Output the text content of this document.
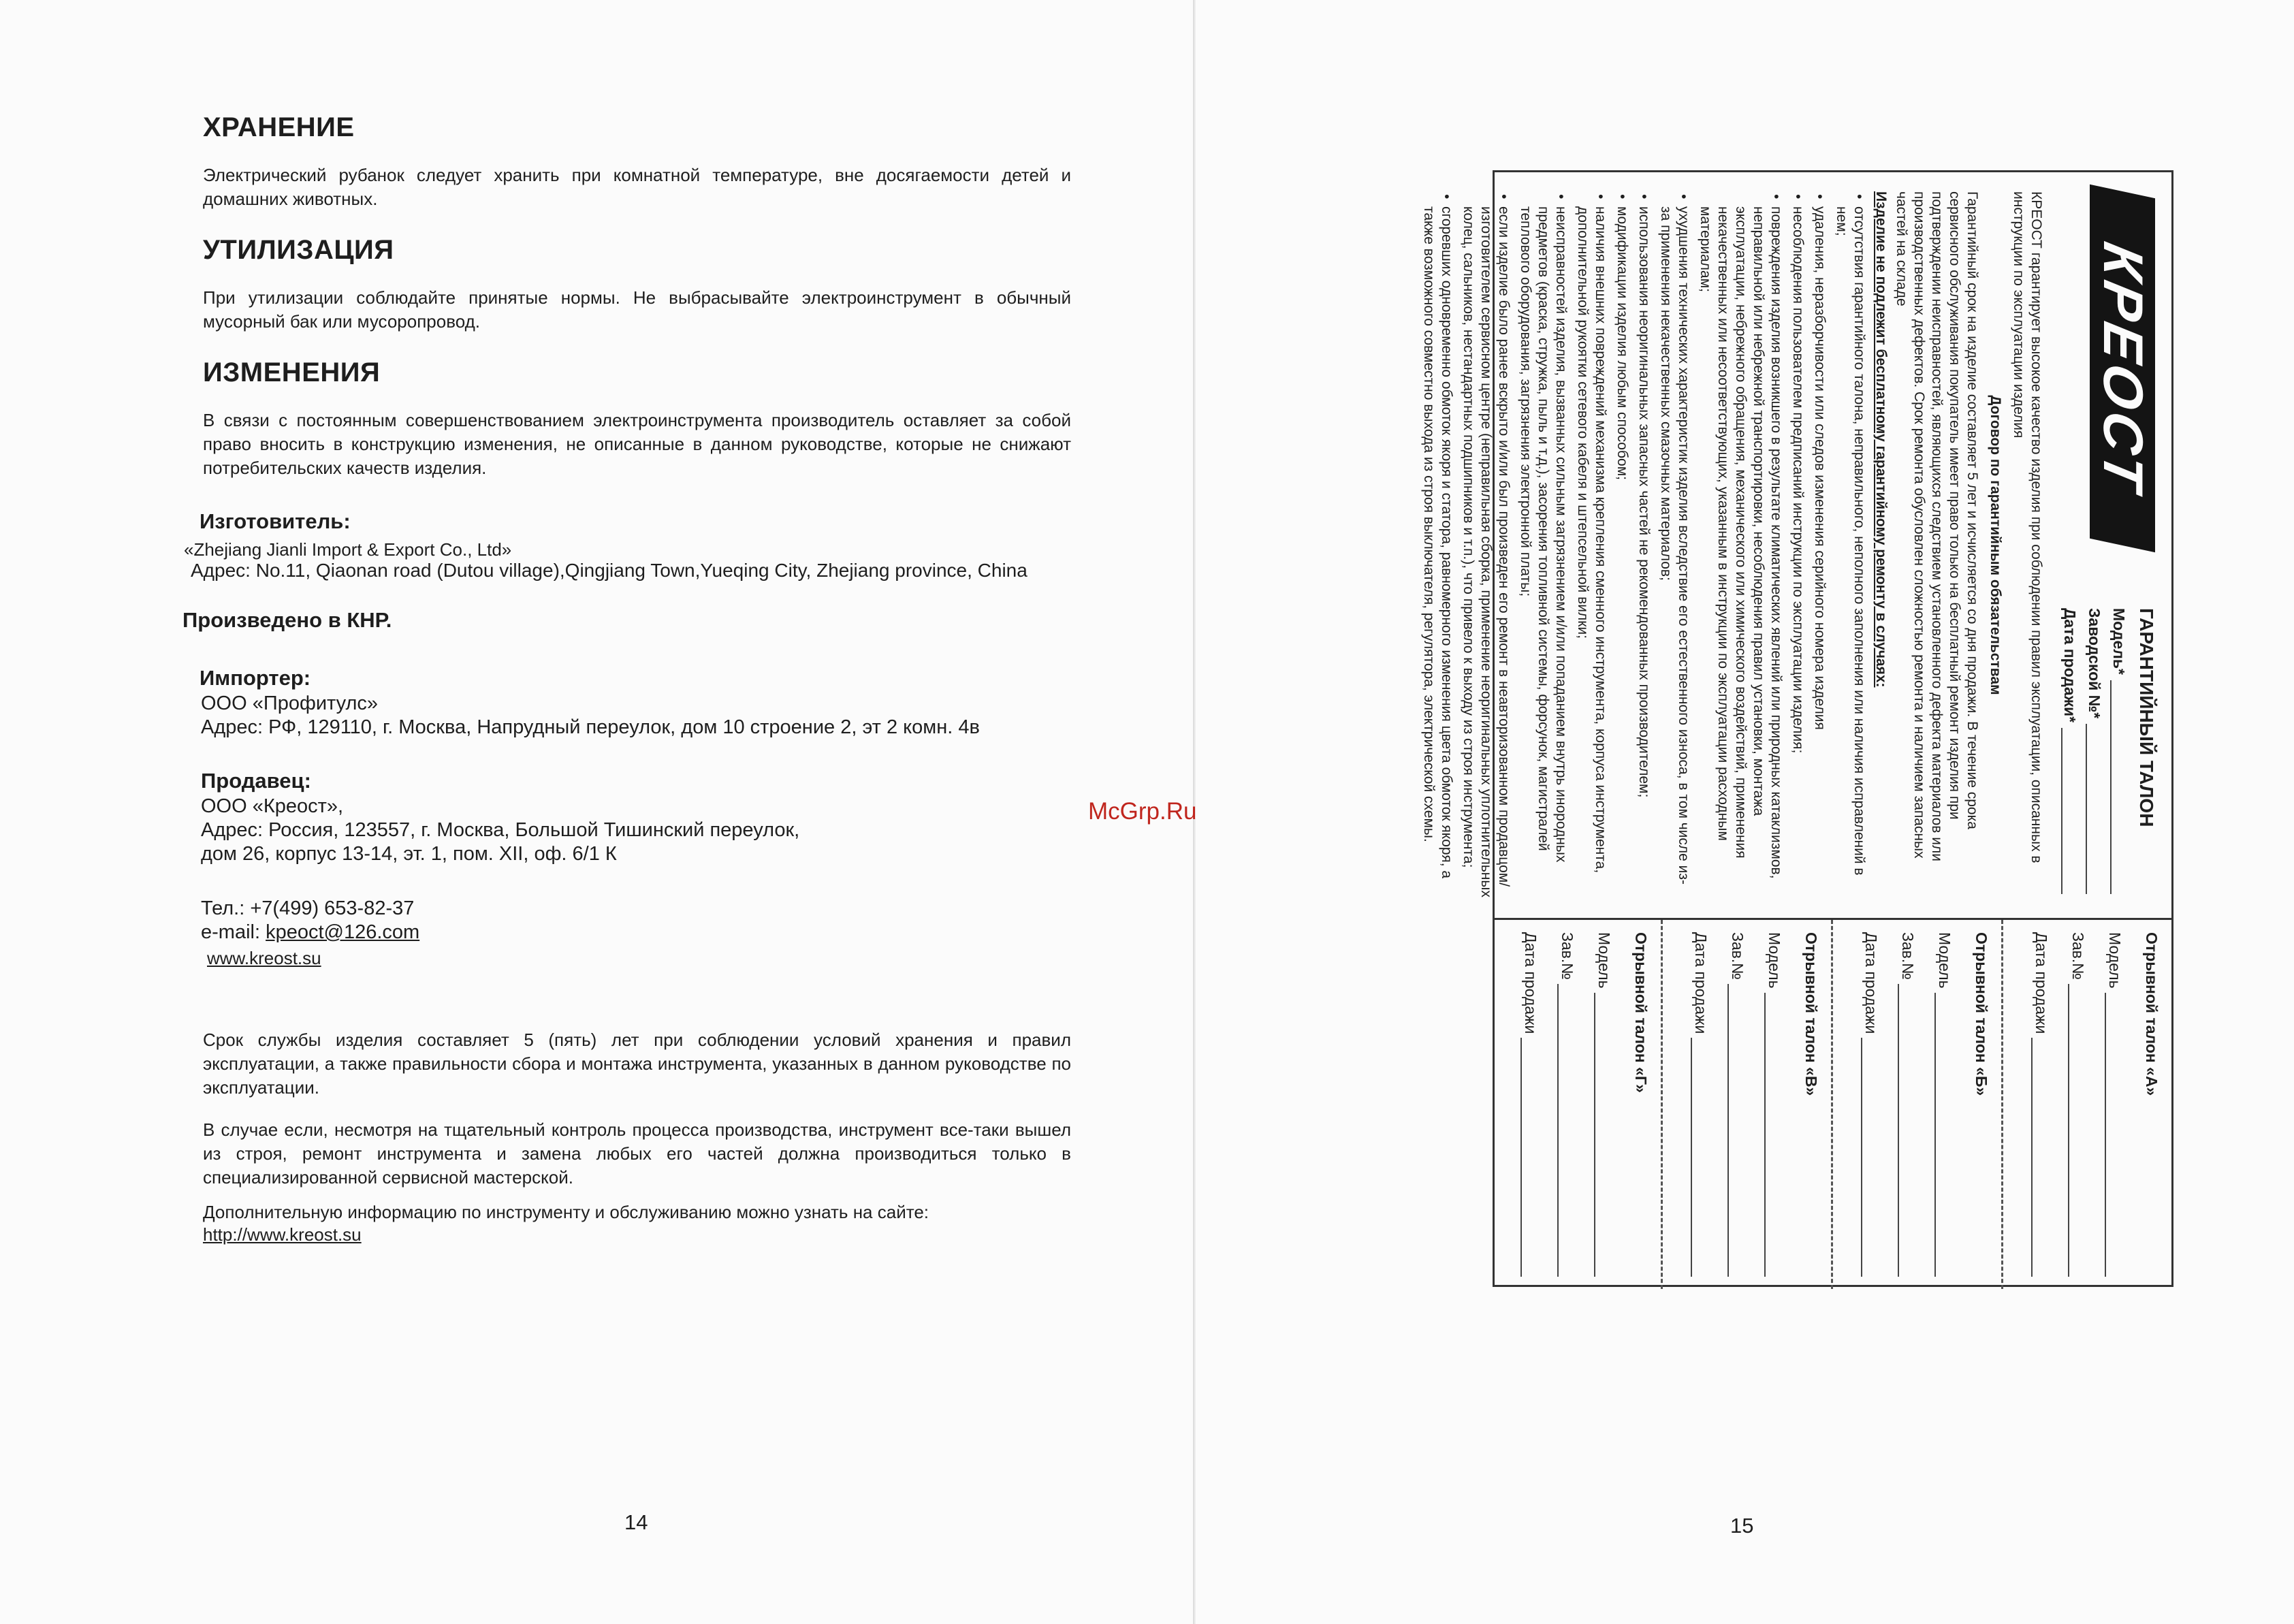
ХРАНЕНИЕ

Электрический рубанок следует хранить при комнатной температуре, вне досягаемости детей и домашних животных.

УТИЛИЗАЦИЯ

При утилизации соблюдайте принятые нормы. Не выбрасывайте электроинструмент в обычный мусорный бак или мусоропровод.

ИЗМЕНЕНИЯ

В связи с постоянным совершенствованием электроинструмента производитель оставляет за собой право вносить в конструкцию изменения, не описанные в данном руководстве, которые не снижают потребительских качеств изделия.

Изготовитель:
«Zhejiang Jianli Import & Export Co., Ltd»
Адрес: No.11, Qiaonan road (Dutou village),Qingjiang Town,Yueqing City, Zhejiang province, China
Произведено в КНР.
Импортер:
ООО «Профитулс»
Адрес: РФ, 129110, г. Москва, Напрудный переулок, дом 10 строение 2, эт 2 комн. 4в
Продавец:
ООО «Креост»,
Адрес: Россия, 123557, г. Москва, Большой Тишинский переулок,
дом 26, корпус 13-14, эт. 1, пом. XII, оф. 6/1 К
Тел.: +7(499) 653-82-37
e-mail: kpeoct@126.com
www.kreost.su

Срок службы изделия составляет 5 (пять) лет при соблюдении условий хранения и правил эксплуатации, а также правильности сбора и монтажа инструмента, указанных в данном руководстве по эксплуатации.

В случае если, несмотря на тщательный контроль процесса производства, инструмент все-таки вышел из строя, ремонт инструмента и замена любых его частей должна производиться только в специализированной сервисной мастерской.

Дополнительную информацию по инструменту и обслуживанию можно узнать на сайте:

http://www.kreost.su
14
McGrp.Ru
15
КРЕОСТ
ГАРАНТИЙНЫЙ ТАЛОН
Модель*
Заводской №*
Дата продажи*
КРЕОСТ гарантирует высокое качество изделия при соблюдении правил эксплуатации, описанных в инструкции по эксплуатации изделия
Договор по гарантийным обязательствам
Гарантийный срок на изделие составляет 5 лет и исчисляется со дня продажи. В течение срока сервисного обслуживания покупатель имеет право только на бесплатный ремонт изделия при подтверждении неисправностей, являющихся следствием установленного дефекта материалов или производственных дефектов. Срок ремонта обусловлен сложностью ремонта и наличием запасных частей на складе
Изделие не подлежит бесплатному гарантийному ремонту в случаях:
• отсутствия гарантийного талона, неправильного, неполного заполнения или наличия исправлений в нем;
• удаления, неразборчивости или следов изменения серийного номера изделия
• несоблюдения пользователем предписаний инструкции по эксплуатации изделия;
• повреждения изделия возникшего в результате климатических явлений или природных катаклизмов, неправильной или небрежной транспортировки, несоблюдения правил установки, монтажа эксплуатации, небрежного обращения, механического или химического воздействий, применения некачественных или несоответствующих, указанным в инструкции по эксплуатации расходным материалам;
• ухудшения технических характеристик изделия вследствие его естественного износа, в том числе из-за применения некачественных смазочных материалов;
• использования неоригинальных запасных частей не рекомендованных производителем;
• модификации изделия любым способом;
• наличия внешних повреждений механизма крепления сменного инструмента, корпуса инструмента, дополнительной рукоятки сетевого кабеля и штепсельной вилки;
• неисправностей изделия, вызванных сильным загрязнением и/или попаданием внутрь инородных предметов (краска, стружка, пыль и т.д.), засорения топливной системы, форсунок, магистралей теплового оборудования, загрязнения электронной платы;
• если изделие было ранее вскрыто и/или был произведен его ремонт в неавторизованном продавцом/изготовителем сервисном центре (неправильная сборка, применение неоригинальных уплотнительных колец, сальников, нестандартных подшипников и т.п.), что привело к выходу из строя инструмента;
• сгоревших одновременно обмоток якоря и статора, равномерного изменения цвета обмоток якоря, а также возможного совместно выхода из строя выключателя, регулятора, электрической схемы.
Отрывной талон «А»
Модель
Зав.№
Дата продажи
Отрывной талон «Б»
Модель
Зав.№
Дата продажи
Отрывной талон «В»
Модель
Зав.№
Дата продажи
Отрывной талон «Г»
Модель
Зав.№
Дата продажи
